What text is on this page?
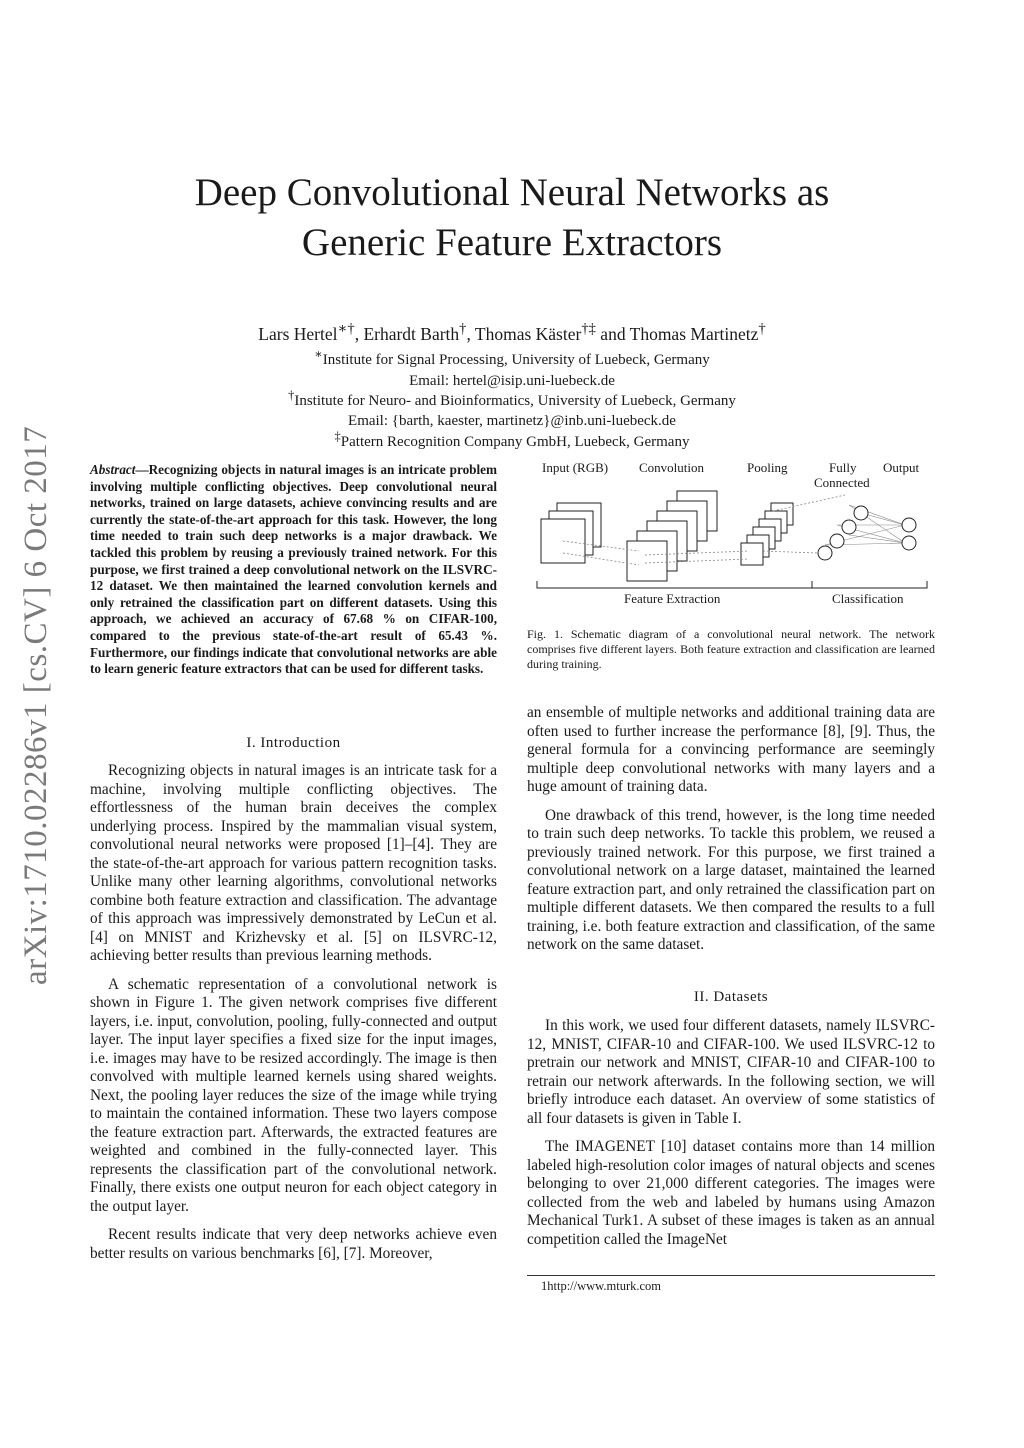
arXiv:1710.02286v1 [cs.CV] 6 Oct 2017
Deep Convolutional Neural Networks as
Generic Feature Extractors
Lars Hertel∗†, Erhardt Barth†, Thomas Käster†‡ and Thomas Martinetz†
∗Institute for Signal Processing, University of Luebeck, Germany
Email: hertel@isip.uni-luebeck.de
†Institute for Neuro- and Bioinformatics, University of Luebeck, Germany
Email: {barth, kaester, martinetz}@inb.uni-luebeck.de
‡Pattern Recognition Company GmbH, Luebeck, Germany
Abstract—Recognizing objects in natural images is an intricate problem involving multiple conflicting objectives. Deep convolutional neural networks, trained on large datasets, achieve convincing results and are currently the state-of-the-art approach for this task. However, the long time needed to train such deep networks is a major drawback. We tackled this problem by reusing a previously trained network. For this purpose, we first trained a deep convolutional network on the ILSVRC-12 dataset. We then maintained the learned convolution kernels and only retrained the classification part on different datasets. Using this approach, we achieved an accuracy of 67.68 % on CIFAR-100, compared to the previous state-of-the-art result of 65.43 %. Furthermore, our findings indicate that convolutional networks are able to learn generic feature extractors that can be used for different tasks.
I. Introduction

Recognizing objects in natural images is an intricate task for a machine, involving multiple conflicting objectives. The effortlessness of the human brain deceives the complex underlying process. Inspired by the mammalian visual system, convolutional neural networks were proposed [1]–[4]. They are the state-of-the-art approach for various pattern recognition tasks. Unlike many other learning algorithms, convolutional networks combine both feature extraction and classification. The advantage of this approach was impressively demonstrated by LeCun et al. [4] on MNIST and Krizhevsky et al. [5] on ILSVRC-12, achieving better results than previous learning methods.

A schematic representation of a convolutional network is shown in Figure 1. The given network comprises five different layers, i.e. input, convolution, pooling, fully-connected and output layer. The input layer specifies a fixed size for the input images, i.e. images may have to be resized accordingly. The image is then convolved with multiple learned kernels using shared weights. Next, the pooling layer reduces the size of the image while trying to maintain the contained information. These two layers compose the feature extraction part. Afterwards, the extracted features are weighted and combined in the fully-connected layer. This represents the classification part of the convolutional network. Finally, there exists one output neuron for each object category in the output layer.

Recent results indicate that very deep networks achieve even better results on various benchmarks [6], [7]. Moreover,

Input (RGB) Convolution	Pooling	Fully
Connected
Output
Feature Extraction	Classification
Fig. 1. Schematic diagram of a convolutional neural network. The network comprises five different layers. Both feature extraction and classification are learned during training.

an ensemble of multiple networks and additional training data are often used to further increase the performance [8], [9]. Thus, the general formula for a convincing performance are seemingly multiple deep convolutional networks with many layers and a huge amount of training data.

One drawback of this trend, however, is the long time needed to train such deep networks. To tackle this problem, we reused a previously trained network. For this purpose, we first trained a convolutional network on a large dataset, maintained the learned feature extraction part, and only retrained the classification part on multiple different datasets. We then compared the results to a full training, i.e. both feature extraction and classification, of the same network on the same dataset.

II. Datasets

In this work, we used four different datasets, namely ILSVRC-12, MNIST, CIFAR-10 and CIFAR-100. We used ILSVRC-12 to pretrain our network and MNIST, CIFAR-10 and CIFAR-100 to retrain our network afterwards. In the following section, we will briefly introduce each dataset. An overview of some statistics of all four datasets is given in Table I.

The IMAGENET [10] dataset contains more than 14 million labeled high-resolution color images of natural objects and scenes belonging to over 21,000 different categories. The images were collected from the web and labeled by humans using Amazon Mechanical Turk1. A subset of these images is taken as an annual competition called the ImageNet

1http://www.mturk.com
